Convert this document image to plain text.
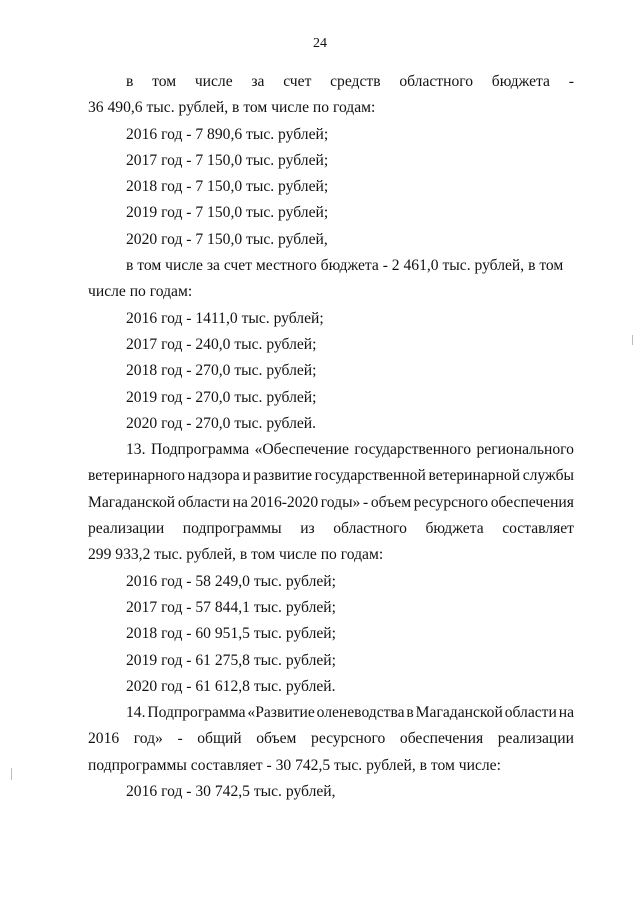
24
в том числе за счет средств областного бюджета -
36 490,6 тыс. рублей, в том числе по годам:
2016 год - 7 890,6 тыс. рублей;
2017 год - 7 150,0 тыс. рублей;
2018 год - 7 150,0 тыс. рублей;
2019 год - 7 150,0 тыс. рублей;
2020 год - 7 150,0 тыс. рублей,
в том числе за счет местного бюджета - 2 461,0 тыс. рублей, в том
числе по годам:
2016 год - 1411,0 тыс. рублей;
2017 год - 240,0 тыс. рублей;
2018 год - 270,0 тыс. рублей;
2019 год - 270,0 тыс. рублей;
2020 год - 270,0 тыс. рублей.
13. Подпрограмма «Обеспечение государственного регионального
ветеринарного надзора и развитие государственной ветеринарной службы
Магаданской области на 2016-2020 годы» - объем ресурсного обеспечения
реализации подпрограммы из областного бюджета составляет
299 933,2 тыс. рублей, в том числе по годам:
2016 год - 58 249,0 тыс. рублей;
2017 год - 57 844,1 тыс. рублей;
2018 год - 60 951,5 тыс. рублей;
2019 год - 61 275,8 тыс. рублей;
2020 год - 61 612,8 тыс. рублей.
14. Подпрограмма «Развитие оленеводства в Магаданской области на
2016 год» - общий объем ресурсного обеспечения реализации
подпрограммы составляет - 30 742,5 тыс. рублей, в том числе:
2016 год - 30 742,5 тыс. рублей,
